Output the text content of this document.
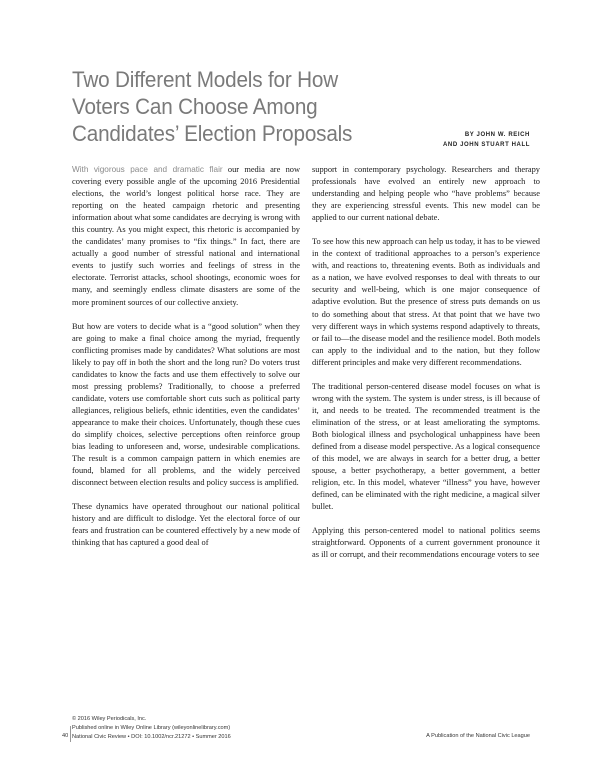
Two Different Models for How
Voters Can Choose Among
Candidates’ Election Proposals	BY JOHN W. REICH
AND JOHN STUART HALL

With vigorous pace and dramatic flair our media are now covering every possible angle of the upcoming 2016 Presidential elections, the world’s longest political horse race. They are reporting on the heated campaign rhetoric and presenting information about what some candidates are decrying is wrong with this country. As you might expect, this rhetoric is accompanied by the candidates’ many promises to “fix things.” In fact, there are actually a good number of stressful national and international events to justify such worries and feelings of stress in the electorate. Terrorist attacks, school shootings, economic woes for many, and seemingly endless climate disasters are some of the more prominent sources of our collective anxiety.

But how are voters to decide what is a “good solution” when they are going to make a final choice among the myriad, frequently conflicting promises made by candidates? What solutions are most likely to pay off in both the short and the long run? Do voters trust candidates to know the facts and use them effectively to solve our most pressing problems? Traditionally, to choose a preferred candidate, voters use comfortable short cuts such as political party allegiances, religious beliefs, ethnic identities, even the candidates’ appearance to make their choices. Unfortunately, though these cues do simplify choices, selective perceptions often reinforce group bias leading to unforeseen and, worse, undesirable complications. The result is a common campaign pattern in which enemies are found, blamed for all problems, and the widely perceived disconnect between election results and policy success is amplified.

These dynamics have operated throughout our national political history and are difficult to dislodge. Yet the electoral force of our fears and frustration can be countered effectively by a new mode of thinking that has captured a good deal of

support in contemporary psychology. Researchers and therapy professionals have evolved an entirely new approach to understanding and helping people who “have problems” because they are experiencing stressful events. This new model can be applied to our current national debate.

To see how this new approach can help us today, it has to be viewed in the context of traditional approaches to a person’s experience with, and reactions to, threatening events. Both as individuals and as a nation, we have evolved responses to deal with threats to our security and well-being, which is one major consequence of adaptive evolution. But the presence of stress puts demands on us to do something about that stress. At that point that we have two very different ways in which systems respond adaptively to threats, or fail to—the disease model and the resilience model. Both models can apply to the individual and to the nation, but they follow different principles and make very different recommendations.

The traditional person-centered disease model focuses on what is wrong with the system. The system is under stress, is ill because of it, and needs to be treated. The recommended treatment is the elimination of the stress, or at least ameliorating the symptoms. Both biological illness and psychological unhappiness have been defined from a disease model perspective. As a logical consequence of this model, we are always in search for a better drug, a better spouse, a better psychotherapy, a better government, a better religion, etc. In this model, whatever “illness” you have, however defined, can be eliminated with the right medicine, a magical silver bullet.

Applying this person-centered model to national politics seems straightforward. Opponents of a current government pronounce it as ill or corrupt, and their recommendations encourage voters to see

© 2016 Wiley Periodicals, Inc.
Published online in Wiley Online Library (wileyonlinelibrary.com)
National Civic Review • DOI: 10.1002/ncr.21272 • Summer 2016
40	A Publication of the National Civic League
